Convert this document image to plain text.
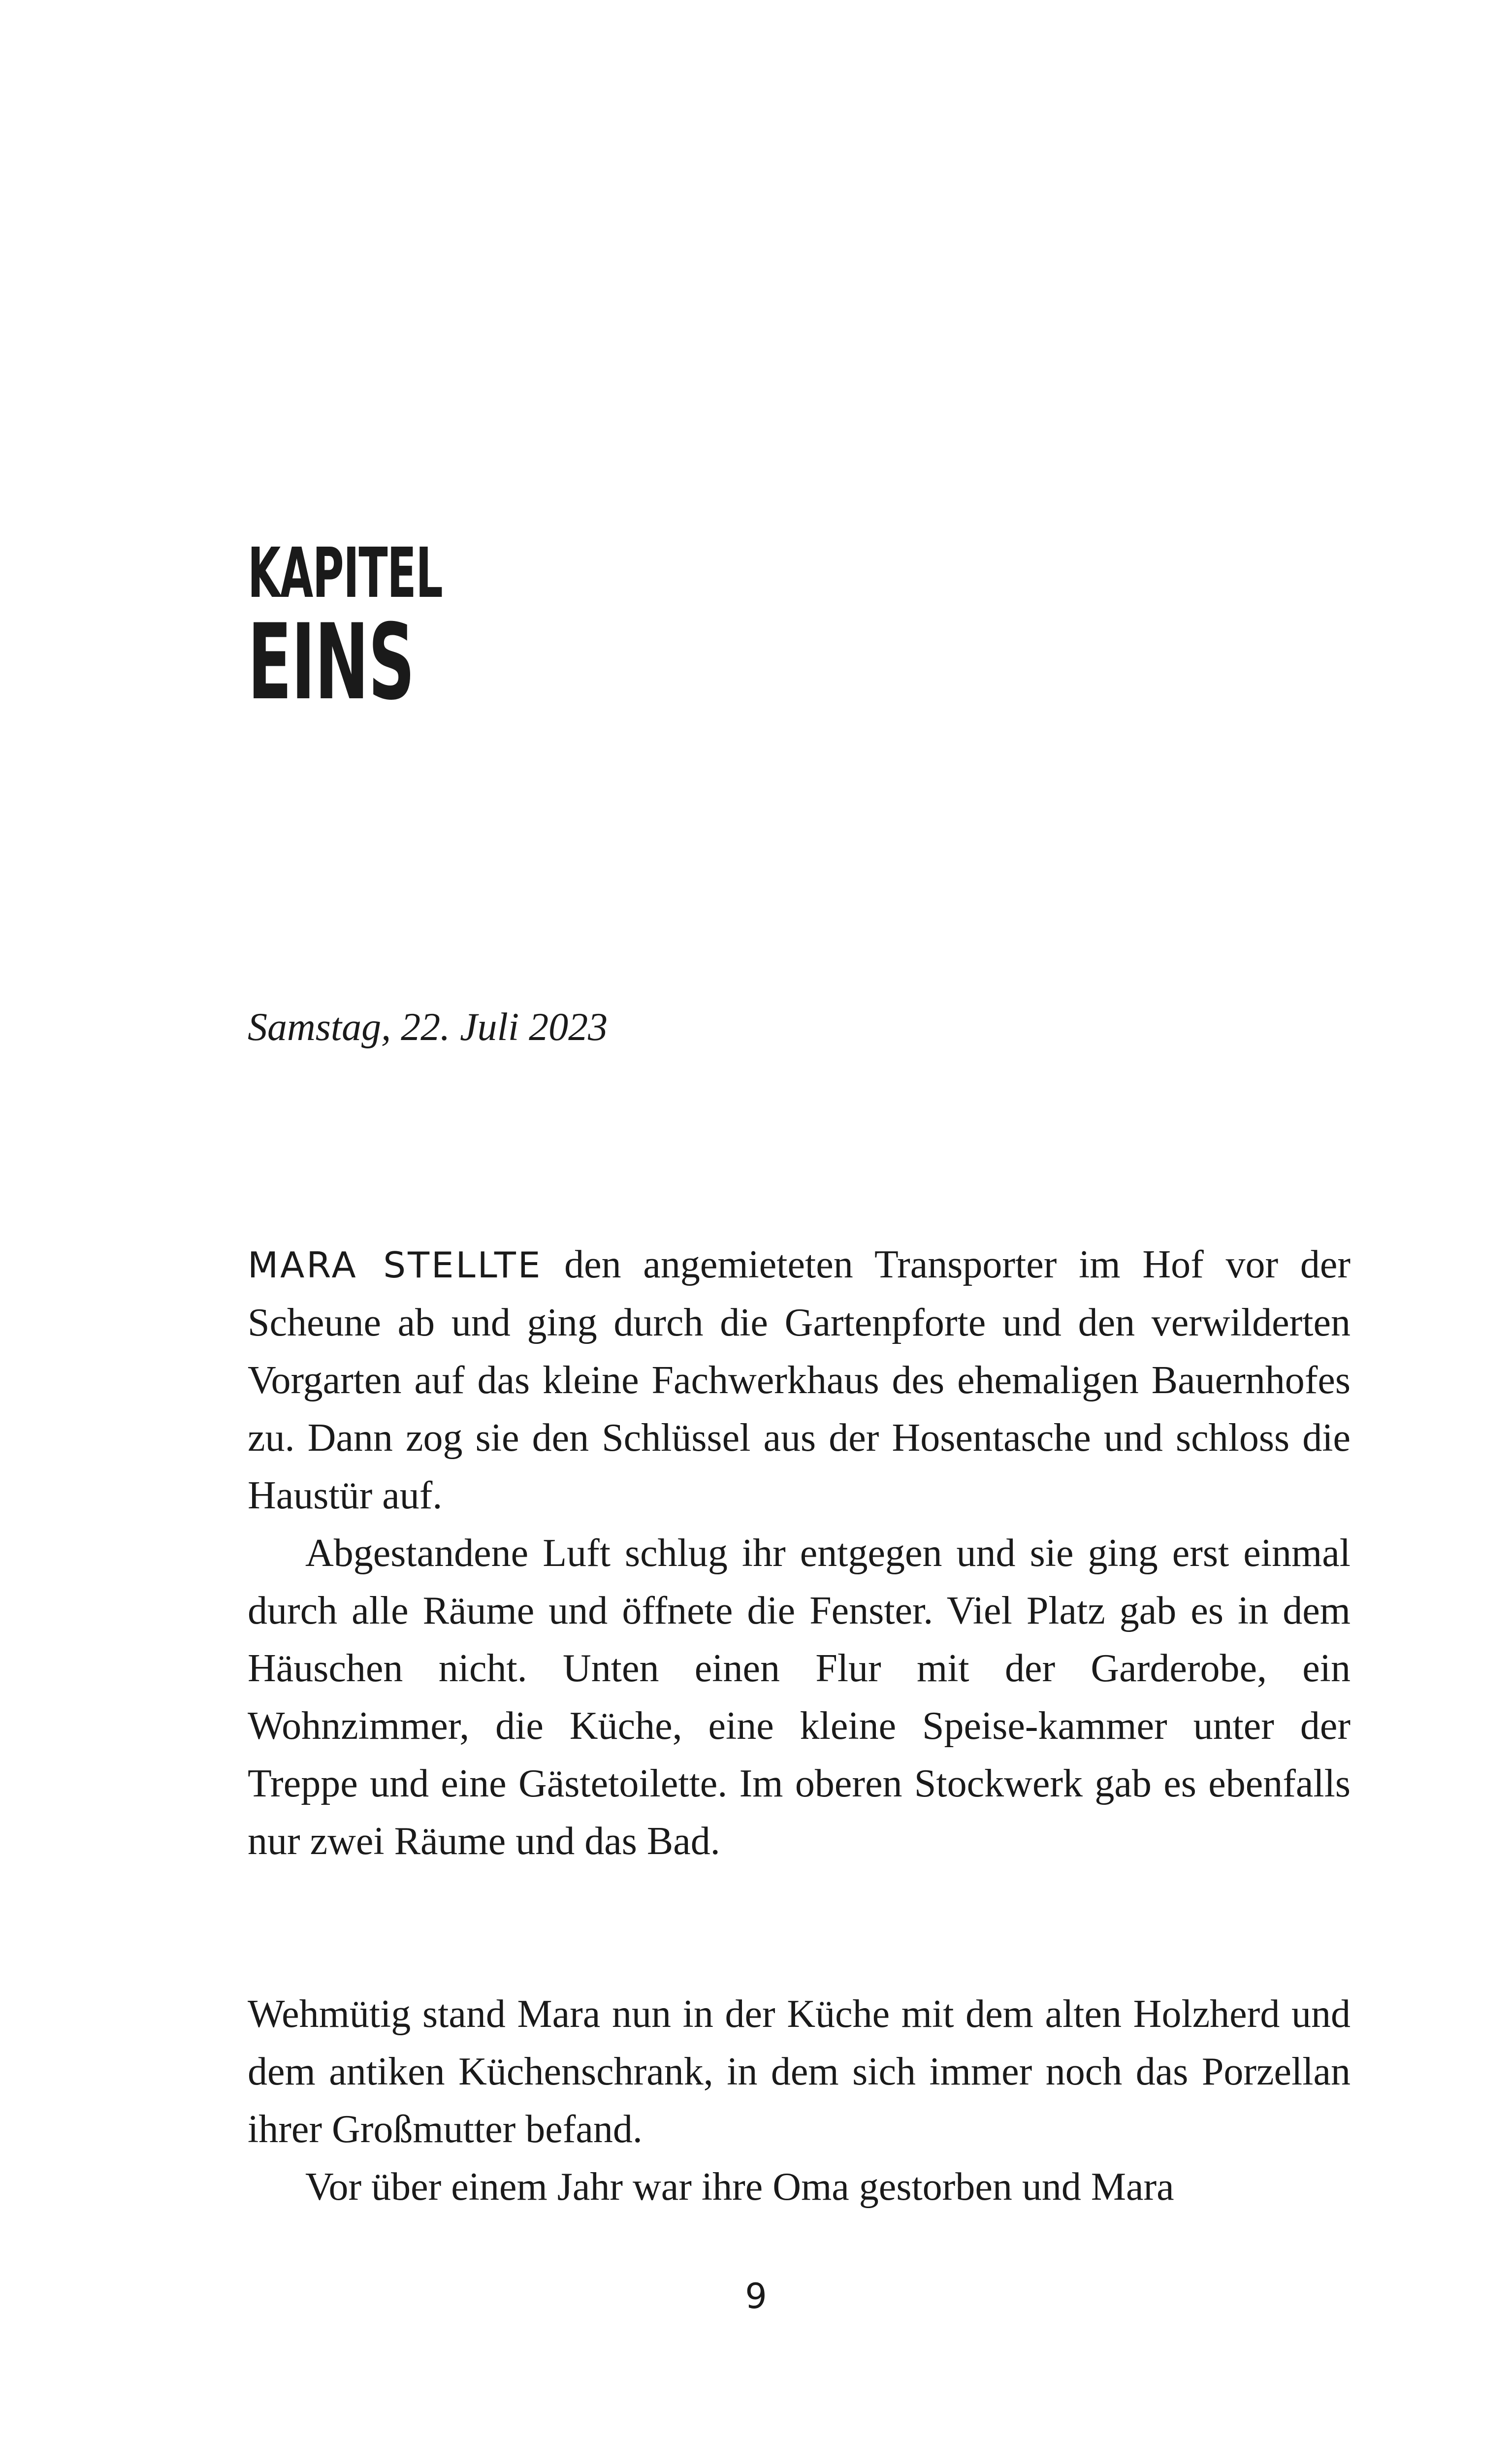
KAPITEL
EINS
Samstag, 22. Juli 2023

MARA STELLTE den angemieteten Transporter im Hof vor der Scheune ab und ging durch die Gartenpforte und den verwilderten Vorgarten auf das kleine Fachwerkhaus des ehemaligen Bauernhofes zu. Dann zog sie den Schlüssel aus der Hosentasche und schloss die Haustür auf.

Abgestandene Luft schlug ihr entgegen und sie ging erst einmal durch alle Räume und öffnete die Fenster. Viel Platz gab es in dem Häuschen nicht. Unten einen Flur mit der Garderobe, ein Wohnzimmer, die Küche, eine kleine Speise-kammer unter der Treppe und eine Gästetoilette. Im oberen Stockwerk gab es ebenfalls nur zwei Räume und das Bad.

Wehmütig stand Mara nun in der Küche mit dem alten Holzherd und dem antiken Küchenschrank, in dem sich immer noch das Porzellan ihrer Großmutter befand.

Vor über einem Jahr war ihre Oma gestorben und Mara

9
